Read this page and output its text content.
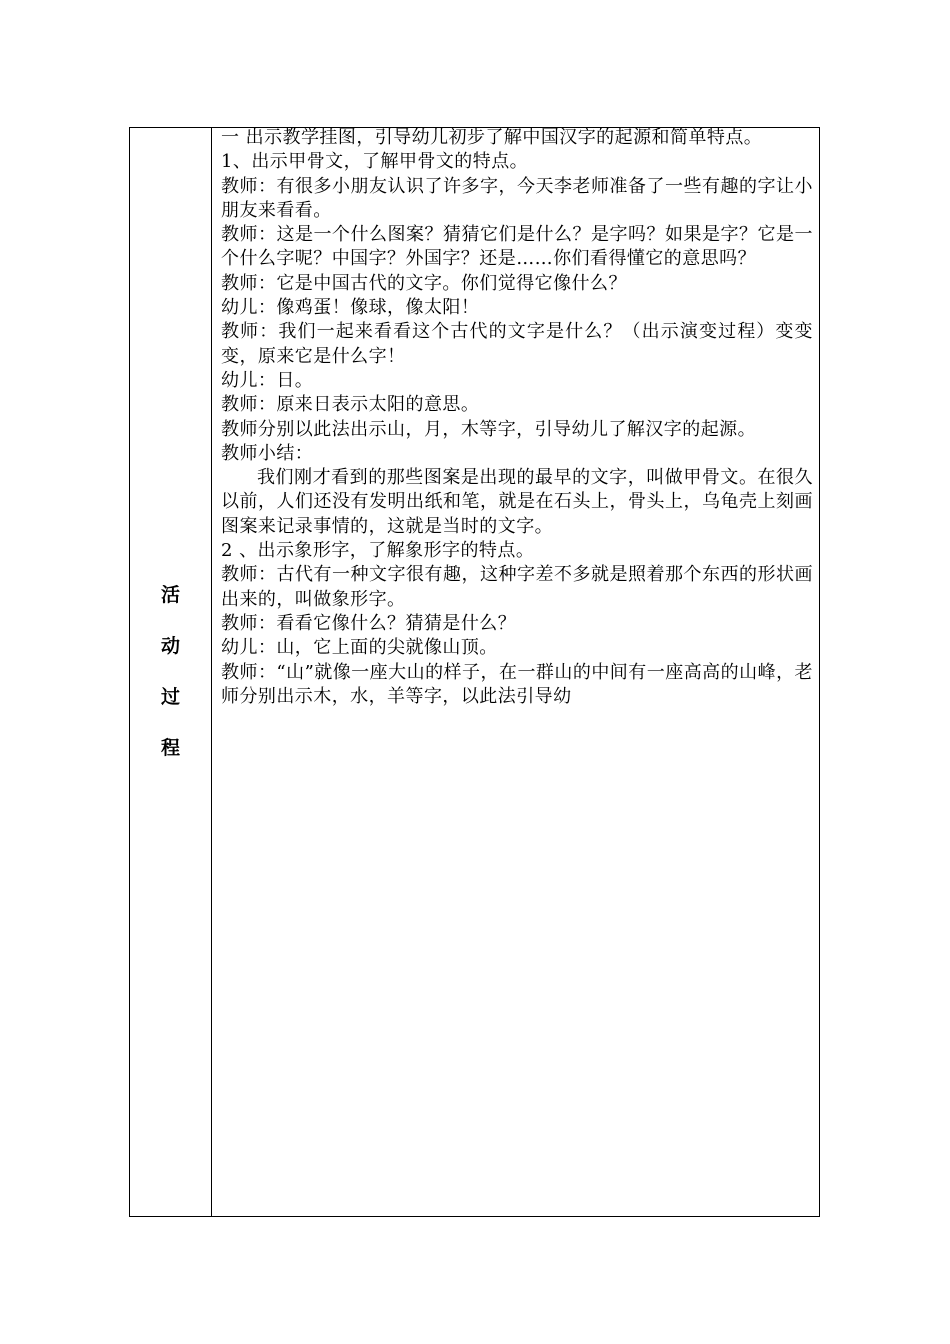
活
动
过
程

一 出示教学挂图，引导幼儿初步了解中国汉字的起源和简单特点。

1、出示甲骨文，了解甲骨文的特点。

教师：有很多小朋友认识了许多字，今天李老师准备了一些有趣的字让小朋友来看看。

教师：这是一个什么图案？猜猜它们是什么？是字吗？如果是字？它是一个什么字呢？中国字？外国字？还是……你们看得懂它的意思吗？

教师：它是中国古代的文字。你们觉得它像什么？

幼儿：像鸡蛋！像球，像太阳！

教师：我们一起来看看这个古代的文字是什么？（出示演变过程）变变变，原来它是什么字！

幼儿：日。

教师：原来日表示太阳的意思。

教师分别以此法出示山，月，木等字，引导幼儿了解汉字的起源。

教师小结：

我们刚才看到的那些图案是出现的最早的文字，叫做甲骨文。在很久以前，人们还没有发明出纸和笔，就是在石头上，骨头上，乌龟壳上刻画图案来记录事情的，这就是当时的文字。

2 、出示象形字，了解象形字的特点。

教师：古代有一种文字很有趣，这种字差不多就是照着那个东西的形状画出来的，叫做象形字。

教师：看看它像什么？猜猜是什么？

幼儿：山，它上面的尖就像山顶。

教师：“山”就像一座大山的样子，在一群山的中间有一座高高的山峰，老师分别出示木，水，羊等字，以此法引导幼
